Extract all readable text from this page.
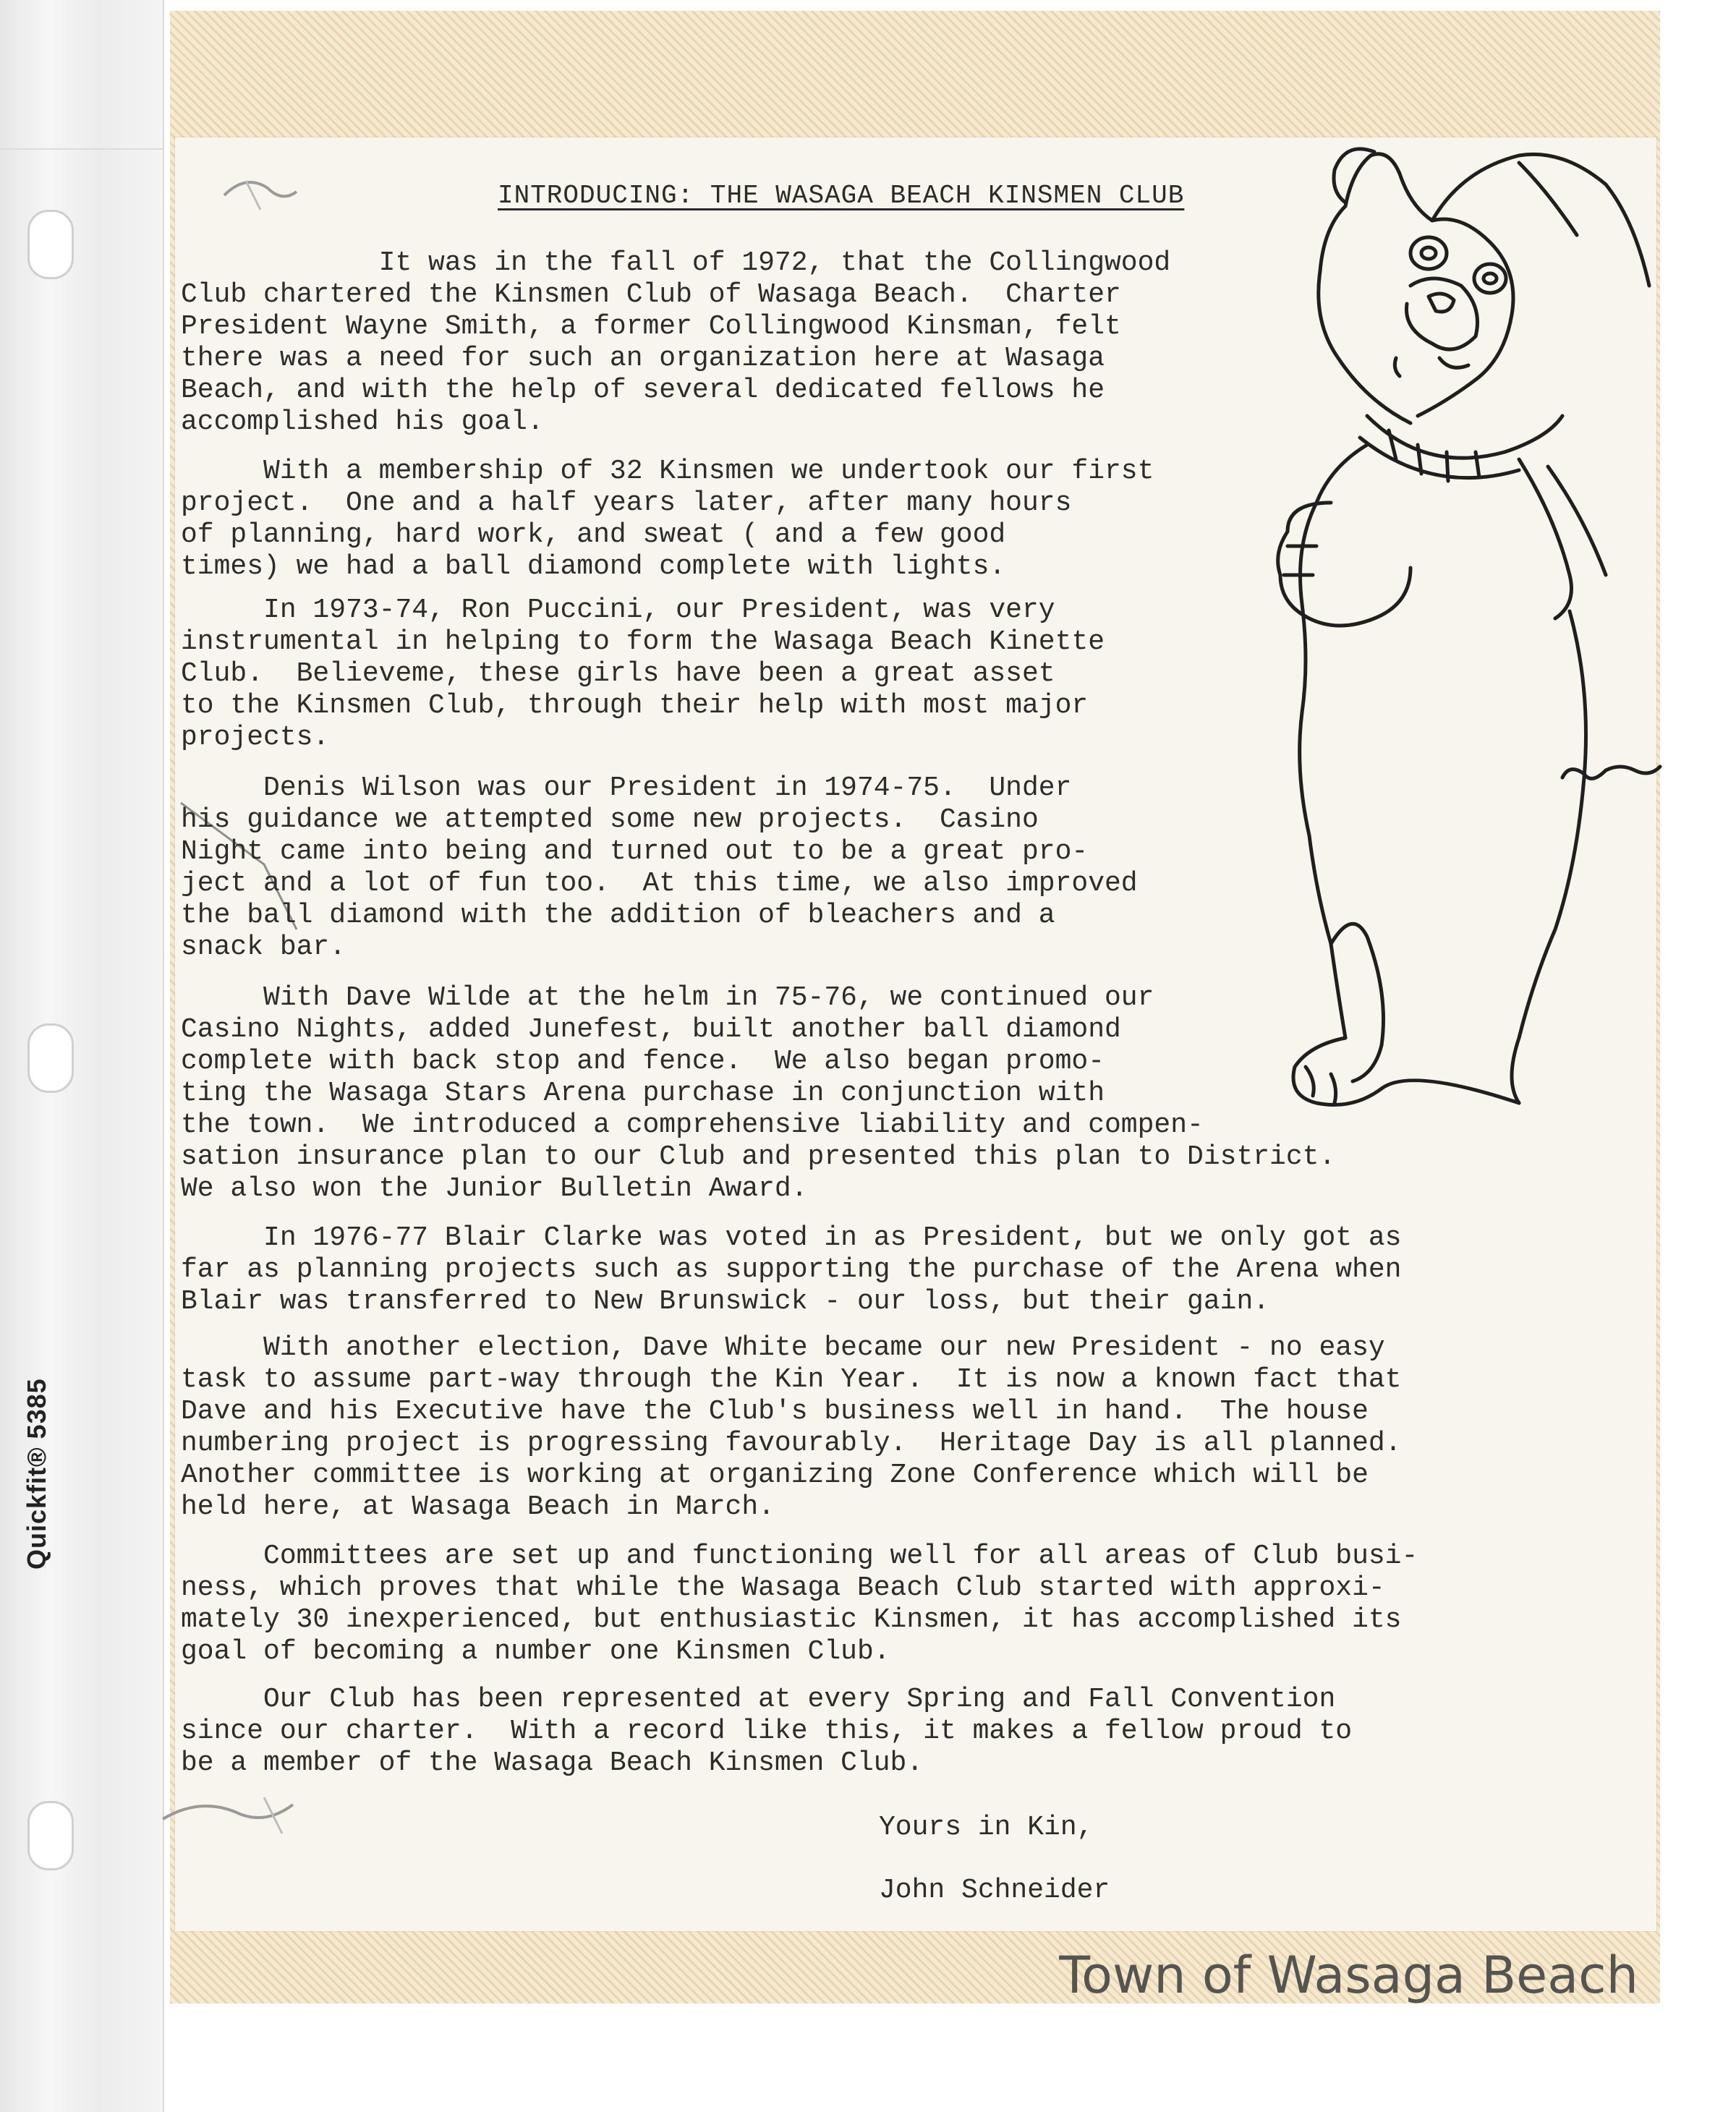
Quickfit® 5385
INTRODUCING: THE WASAGA BEACH KINSMEN CLUB

It was in the fall of 1972, that the Collingwood
Club chartered the Kinsmen Club of Wasaga Beach.  Charter
President Wayne Smith, a former Collingwood Kinsman, felt
there was a need for such an organization here at Wasaga
Beach, and with the help of several dedicated fellows he
accomplished his goal.

With a membership of 32 Kinsmen we undertook our first
project.  One and a half years later, after many hours
of planning, hard work, and sweat ( and a few good
times) we had a ball diamond complete with lights.

In 1973-74, Ron Puccini, our President, was very
instrumental in helping to form the Wasaga Beach Kinette
Club.  Believeme, these girls have been a great asset
to the Kinsmen Club, through their help with most major
projects.

Denis Wilson was our President in 1974-75.  Under
his guidance we attempted some new projects.  Casino
Night came into being and turned out to be a great pro-
ject and a lot of fun too.  At this time, we also improved
the ball diamond with the addition of bleachers and a
snack bar.

With Dave Wilde at the helm in 75-76, we continued our
Casino Nights, added Junefest, built another ball diamond
complete with back stop and fence.  We also began promo-
ting the Wasaga Stars Arena purchase in conjunction with
the town.  We introduced a comprehensive liability and compen-
sation insurance plan to our Club and presented this plan to District.
We also won the Junior Bulletin Award.

In 1976-77 Blair Clarke was voted in as President, but we only got as
far as planning projects such as supporting the purchase of the Arena when
Blair was transferred to New Brunswick - our loss, but their gain.

With another election, Dave White became our new President - no easy
task to assume part-way through the Kin Year.  It is now a known fact that
Dave and his Executive have the Club's business well in hand.  The house
numbering project is progressing favourably.  Heritage Day is all planned.
Another committee is working at organizing Zone Conference which will be
held here, at Wasaga Beach in March.

Committees are set up and functioning well for all areas of Club busi-
ness, which proves that while the Wasaga Beach Club started with approxi-
mately 30 inexperienced, but enthusiastic Kinsmen, it has accomplished its
goal of becoming a number one Kinsmen Club.

Our Club has been represented at every Spring and Fall Convention
since our charter.  With a record like this, it makes a fellow proud to
be a member of the Wasaga Beach Kinsmen Club.

Yours in Kin,
John Schneider
Town of Wasaga Beach
